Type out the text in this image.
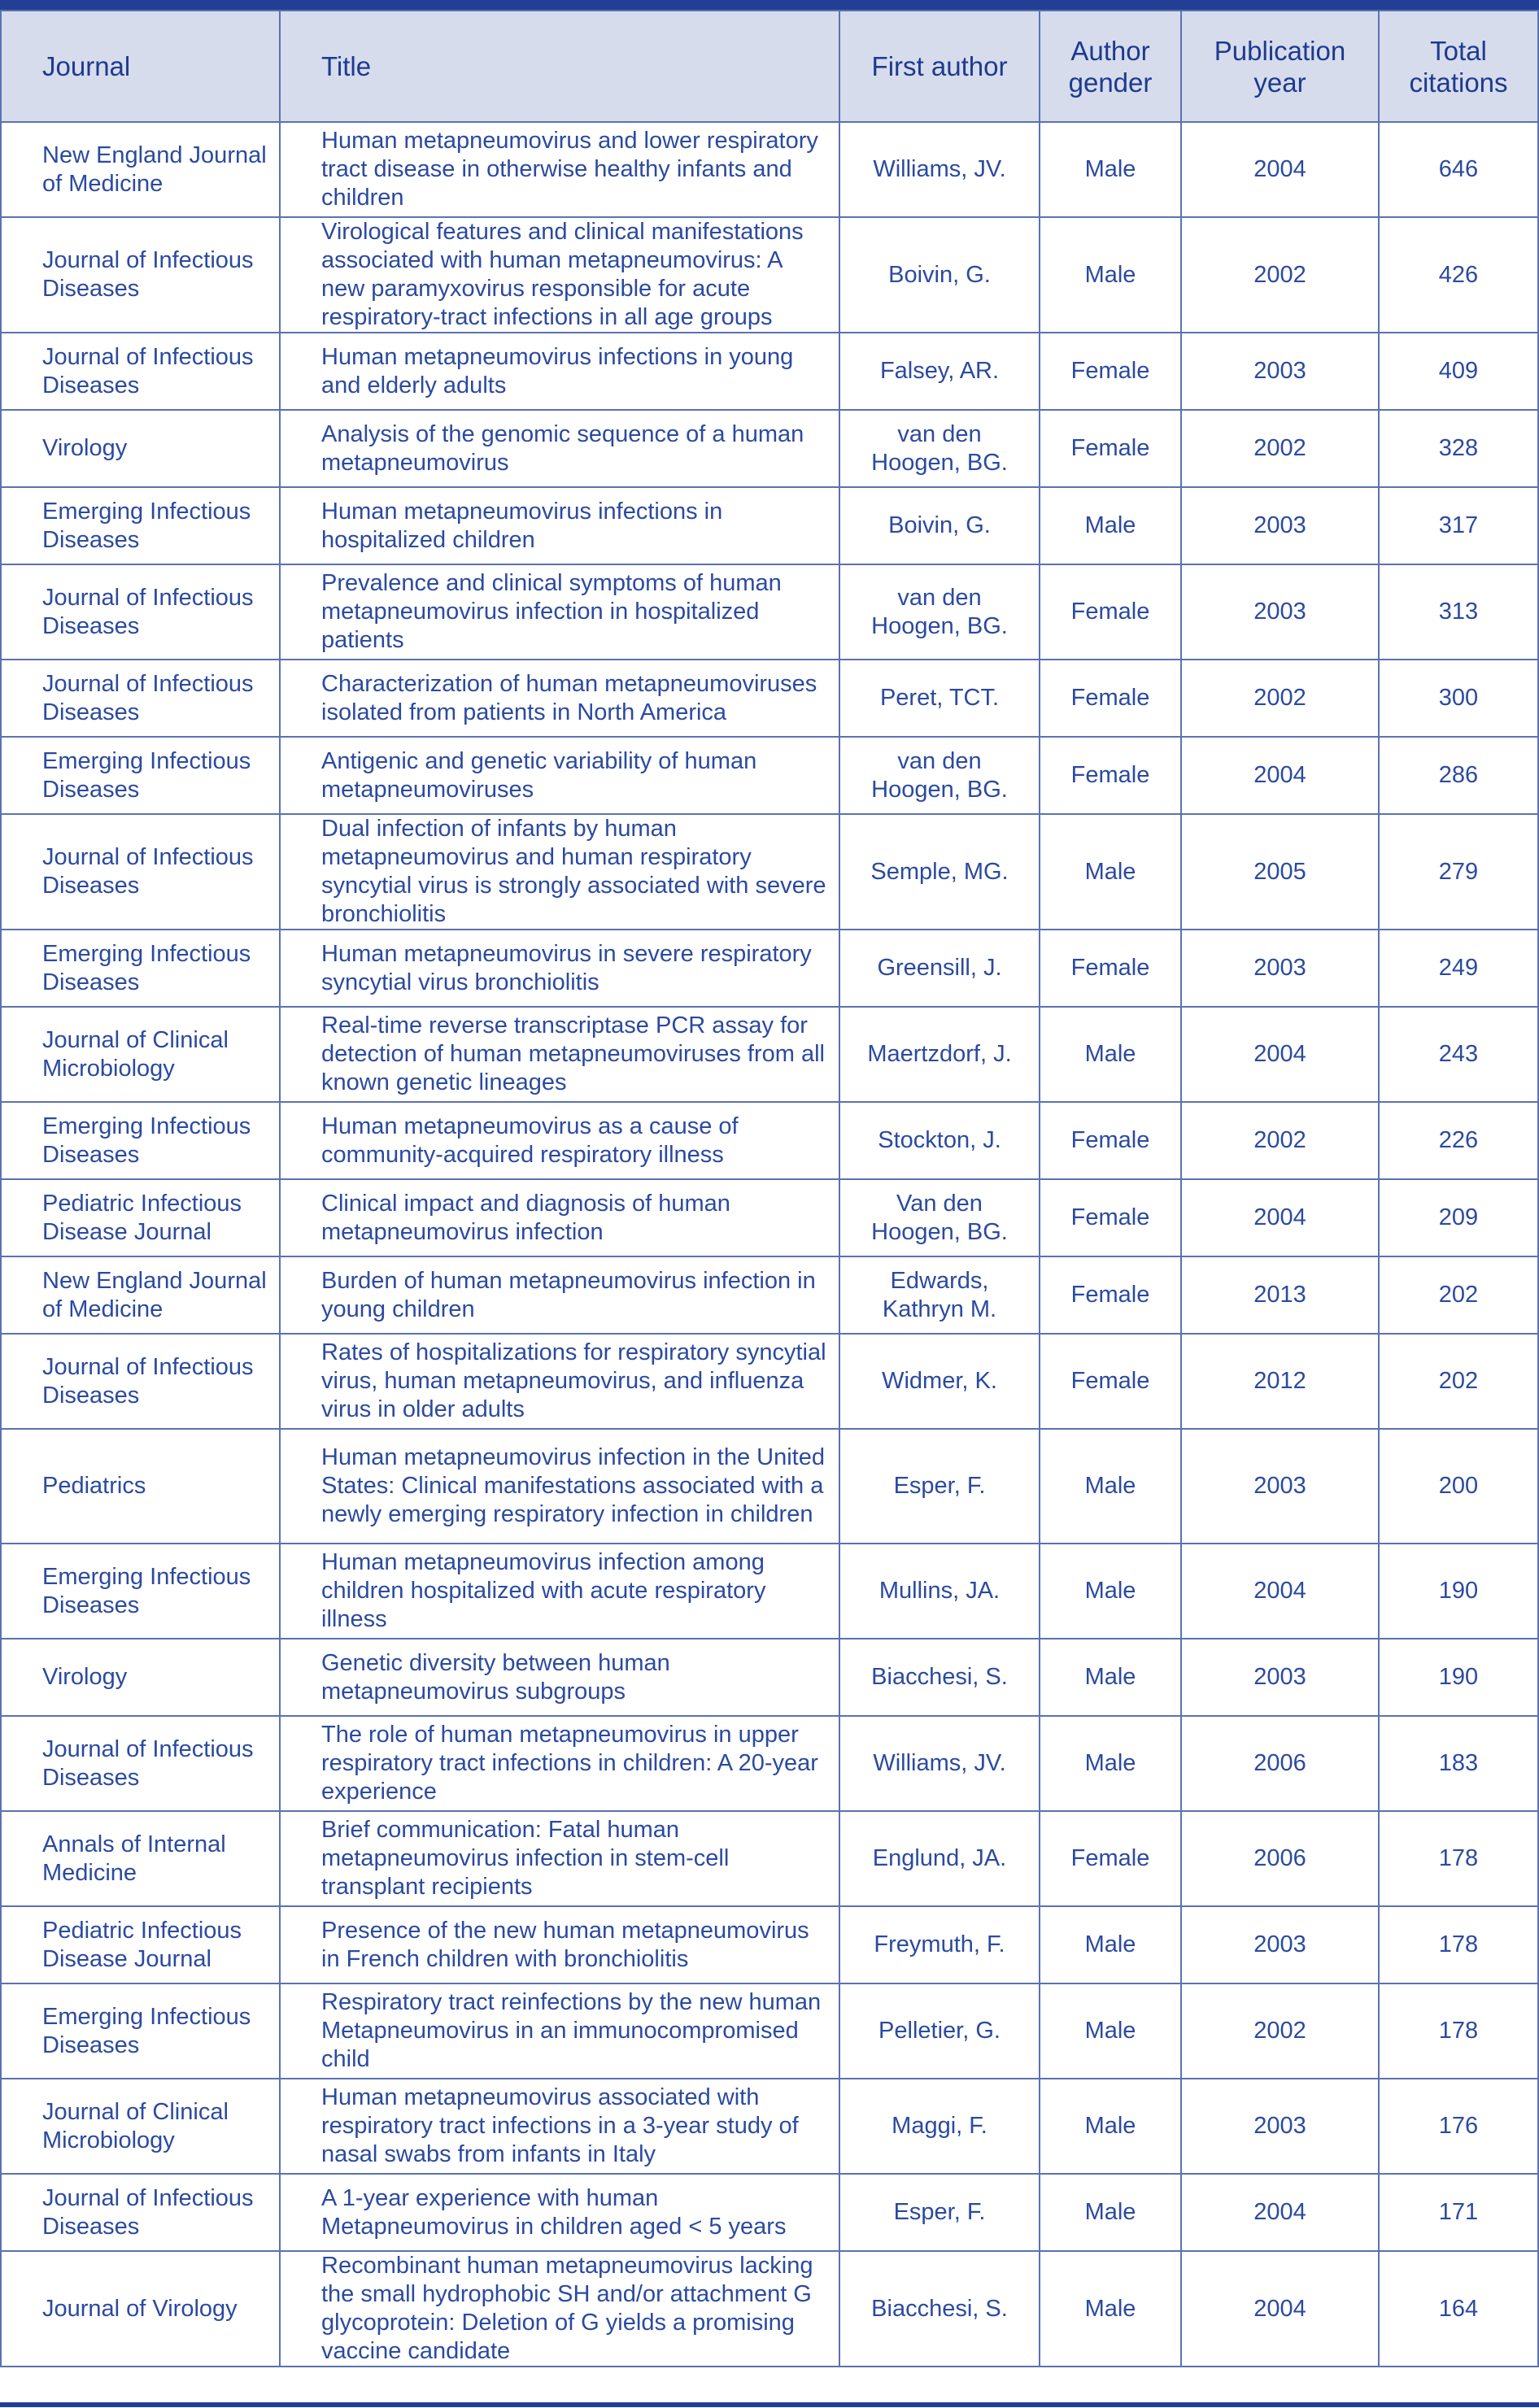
Journal	Title	First author	Author gender	Publication year	Total citations
New England Journal of Medicine	Human metapneumovirus and lower respiratory tract disease in otherwise healthy infants and children	Williams, JV.	Male	2004	646
Journal of Infectious Diseases	Virological features and clinical manifestations associated with human metapneumovirus: A new paramyxovirus responsible for acute respiratory-tract infections in all age groups	Boivin, G.	Male	2002	426
Journal of Infectious Diseases	Human metapneumovirus infections in young and elderly adults	Falsey, AR.	Female	2003	409
Virology	Analysis of the genomic sequence of a human metapneumovirus	van den Hoogen, BG.	Female	2002	328
Emerging Infectious Diseases	Human metapneumovirus infections in hospitalized children	Boivin, G.	Male	2003	317
Journal of Infectious Diseases	Prevalence and clinical symptoms of human metapneumovirus infection in hospitalized patients	van den Hoogen, BG.	Female	2003	313
Journal of Infectious Diseases	Characterization of human metapneumoviruses isolated from patients in North America	Peret, TCT.	Female	2002	300
Emerging Infectious Diseases	Antigenic and genetic variability of human metapneumoviruses	van den Hoogen, BG.	Female	2004	286
Journal of Infectious Diseases	Dual infection of infants by human metapneumovirus and human respiratory syncytial virus is strongly associated with severe bronchiolitis	Semple, MG.	Male	2005	279
Emerging Infectious Diseases	Human metapneumovirus in severe respiratory syncytial virus bronchiolitis	Greensill, J.	Female	2003	249
Journal of Clinical Microbiology	Real-time reverse transcriptase PCR assay for detection of human metapneumoviruses from all known genetic lineages	Maertzdorf, J.	Male	2004	243
Emerging Infectious Diseases	Human metapneumovirus as a cause of community-acquired respiratory illness	Stockton, J.	Female	2002	226
Pediatric Infectious Disease Journal	Clinical impact and diagnosis of human metapneumovirus infection	Van den Hoogen, BG.	Female	2004	209
New England Journal of Medicine	Burden of human metapneumovirus infection in young children	Edwards, Kathryn M.	Female	2013	202
Journal of Infectious Diseases	Rates of hospitalizations for respiratory syncytial virus, human metapneumovirus, and influenza virus in older adults	Widmer, K.	Female	2012	202
Pediatrics	Human metapneumovirus infection in the United States: Clinical manifestations associated with a newly emerging respiratory infection in children	Esper, F.	Male	2003	200
Emerging Infectious Diseases	Human metapneumovirus infection among children hospitalized with acute respiratory illness	Mullins, JA.	Male	2004	190
Virology	Genetic diversity between human metapneumovirus subgroups	Biacchesi, S.	Male	2003	190
Journal of Infectious Diseases	The role of human metapneumovirus in upper respiratory tract infections in children: A 20-year experience	Williams, JV.	Male	2006	183
Annals of Internal Medicine	Brief communication: Fatal human metapneumovirus infection in stem-cell transplant recipients	Englund, JA.	Female	2006	178
Pediatric Infectious Disease Journal	Presence of the new human metapneumovirus in French children with bronchiolitis	Freymuth, F.	Male	2003	178
Emerging Infectious Diseases	Respiratory tract reinfections by the new human Metapneumovirus in an immunocompromised child	Pelletier, G.	Male	2002	178
Journal of Clinical Microbiology	Human metapneumovirus associated with respiratory tract infections in a 3-year study of nasal swabs from infants in Italy	Maggi, F.	Male	2003	176
Journal of Infectious Diseases	A 1-year experience with human Metapneumovirus in children aged < 5 years	Esper, F.	Male	2004	171
Journal of Virology	Recombinant human metapneumovirus lacking the small hydrophobic SH and/or attachment G glycoprotein: Deletion of G yields a promising vaccine candidate	Biacchesi, S.	Male	2004	164
